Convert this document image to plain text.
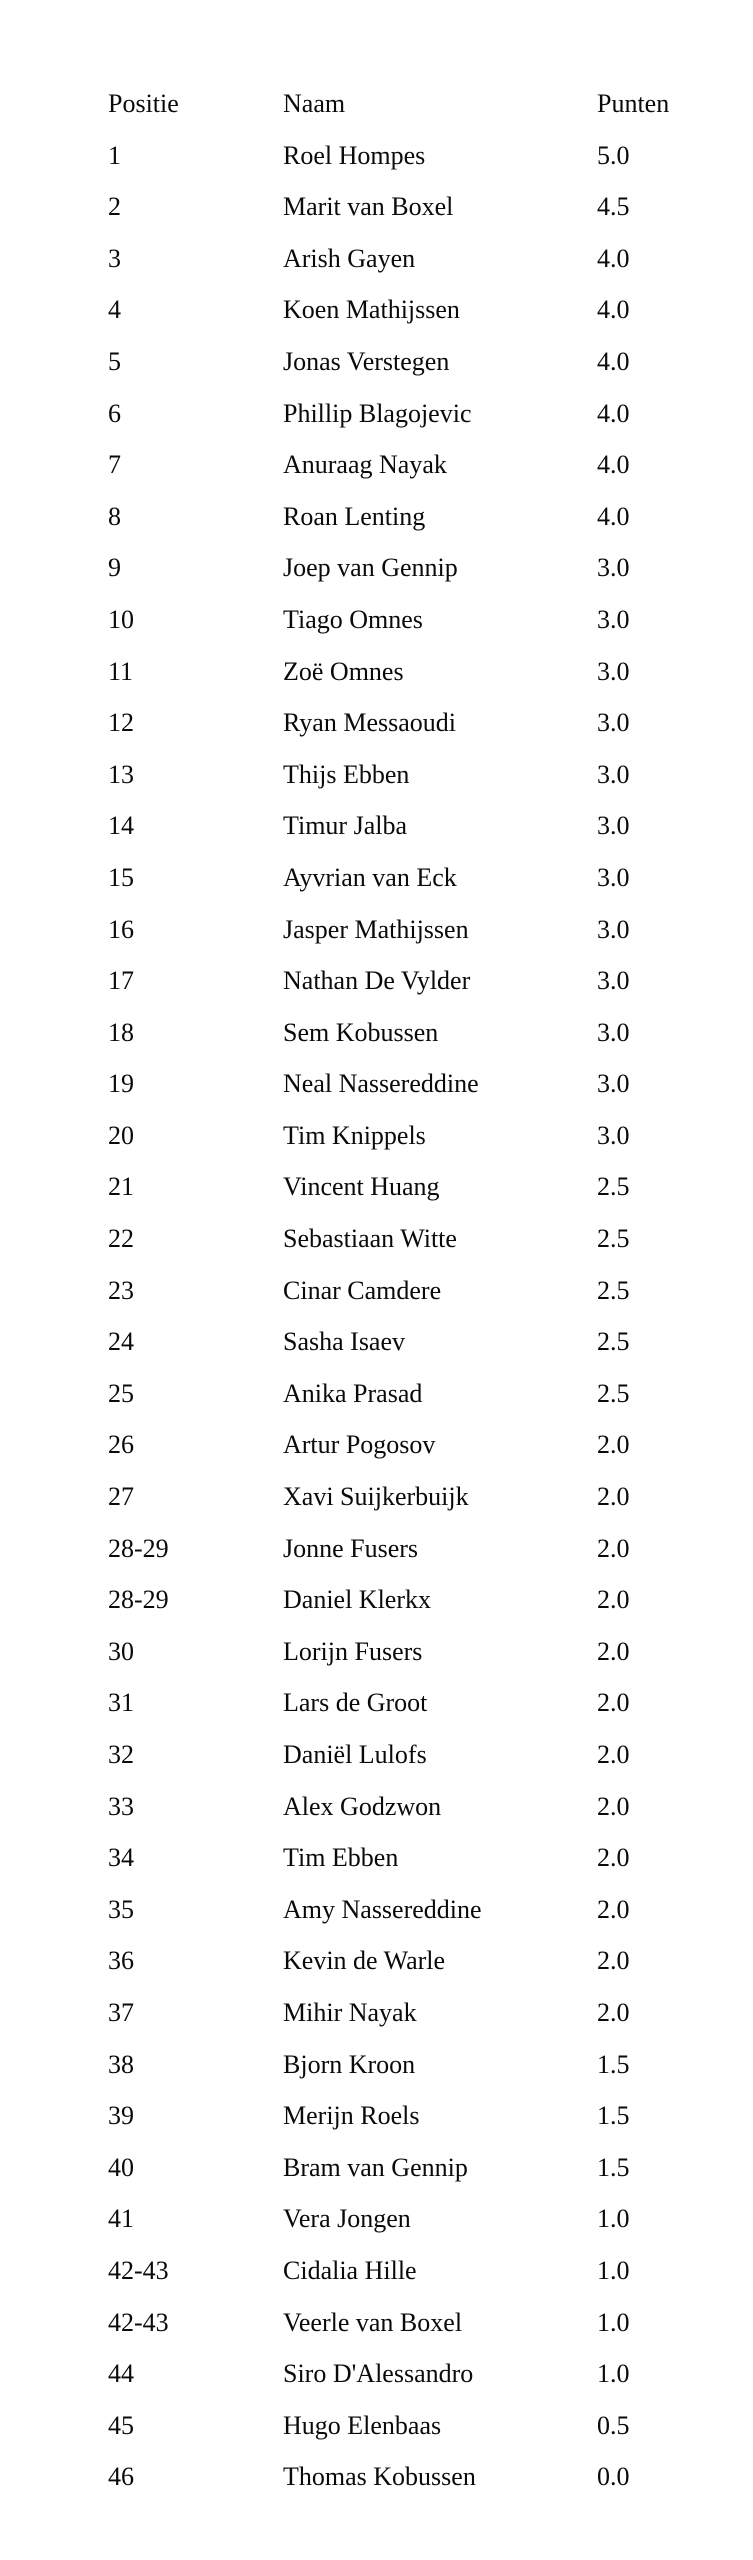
Positie	Naam	Punten
1	Roel Hompes	5.0
2	Marit van Boxel	4.5
3	Arish Gayen	4.0
4	Koen Mathijssen	4.0
5	Jonas Verstegen	4.0
6	Phillip Blagojevic	4.0
7	Anuraag Nayak	4.0
8	Roan Lenting	4.0
9	Joep van Gennip	3.0
10	Tiago Omnes	3.0
11	Zoë Omnes	3.0
12	Ryan Messaoudi	3.0
13	Thijs Ebben	3.0
14	Timur Jalba	3.0
15	Ayvrian van Eck	3.0
16	Jasper Mathijssen	3.0
17	Nathan De Vylder	3.0
18	Sem Kobussen	3.0
19	Neal Nassereddine	3.0
20	Tim Knippels	3.0
21	Vincent Huang	2.5
22	Sebastiaan Witte	2.5
23	Cinar Camdere	2.5
24	Sasha Isaev	2.5
25	Anika Prasad	2.5
26	Artur Pogosov	2.0
27	Xavi Suijkerbuijk	2.0
28-29	Jonne Fusers	2.0
28-29	Daniel Klerkx	2.0
30	Lorijn Fusers	2.0
31	Lars de Groot	2.0
32	Daniël Lulofs	2.0
33	Alex Godzwon	2.0
34	Tim Ebben	2.0
35	Amy Nassereddine	2.0
36	Kevin de Warle	2.0
37	Mihir Nayak	2.0
38	Bjorn Kroon	1.5
39	Merijn Roels	1.5
40	Bram van Gennip	1.5
41	Vera Jongen	1.0
42-43	Cidalia Hille	1.0
42-43	Veerle van Boxel	1.0
44	Siro D'Alessandro	1.0
45	Hugo Elenbaas	0.5
46	Thomas Kobussen	0.0
